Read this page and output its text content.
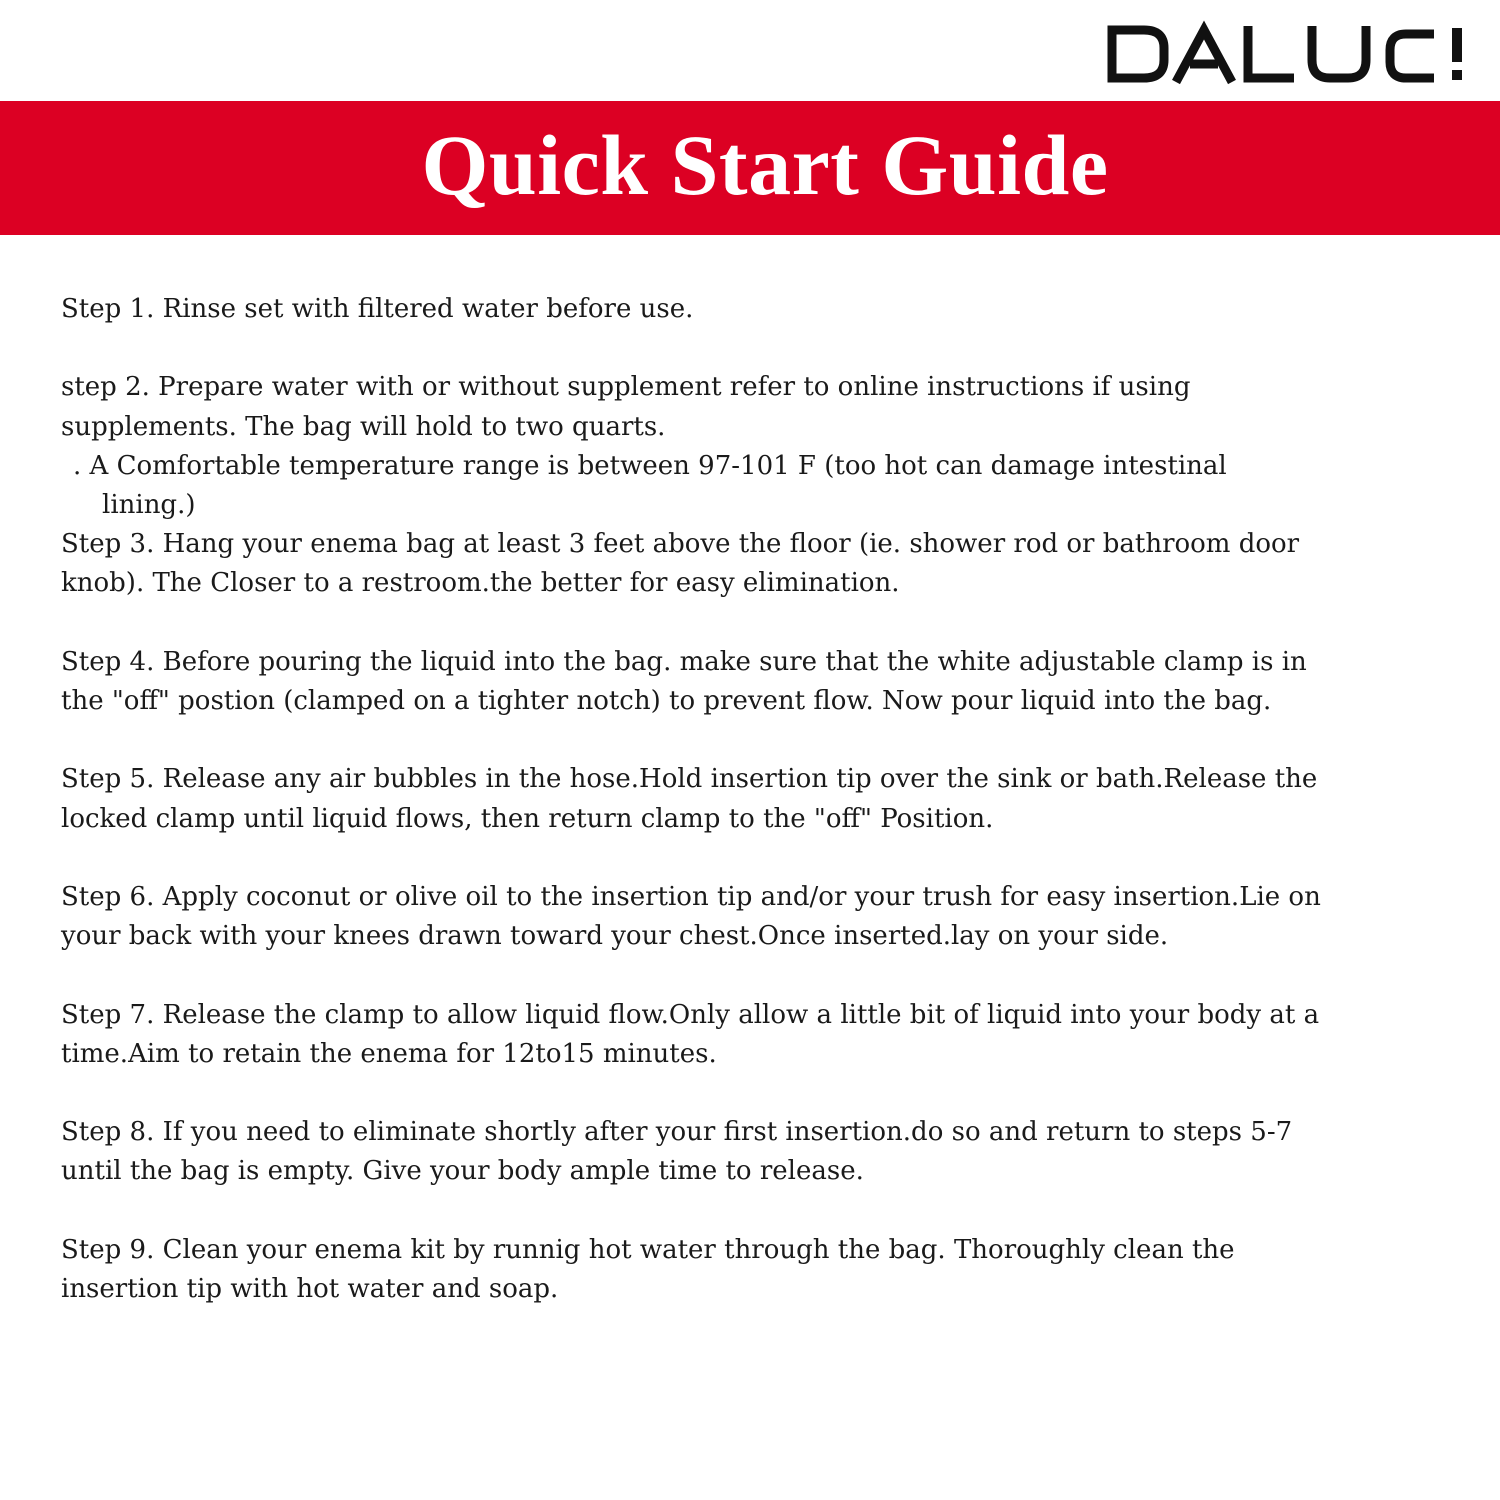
Quick Start Guide

Step 1. Rinse set with filtered water before use.

step 2. Prepare water with or without supplement refer to online instructions if using

supplements. The bag will hold to two quarts.

. A Comfortable temperature range is between 97-101 F (too hot can damage intestinal

lining.)

Step 3. Hang your enema bag at least 3 feet above the floor (ie. shower rod or bathroom door

knob). The Closer to a restroom.the better for easy elimination.

Step 4. Before pouring the liquid into the bag. make sure that the white adjustable clamp is in

the "off" postion (clamped on a tighter notch) to prevent flow. Now pour liquid into the bag.

Step 5. Release any air bubbles in the hose.Hold insertion tip over the sink or bath.Release the

locked clamp until liquid flows, then return clamp to the "off" Position.

Step 6. Apply coconut or olive oil to the insertion tip and/or your trush for easy insertion.Lie on

your back with your knees drawn toward your chest.Once inserted.lay on your side.

Step 7. Release the clamp to allow liquid flow.Only allow a little bit of liquid into your body at a

time.Aim to retain the enema for 12to15 minutes.

Step 8. If you need to eliminate shortly after your first insertion.do so and return to steps 5-7

until the bag is empty. Give your body ample time to release.

Step 9. Clean your enema kit by runnig hot water through the bag. Thoroughly clean the

insertion tip with hot water and soap.
